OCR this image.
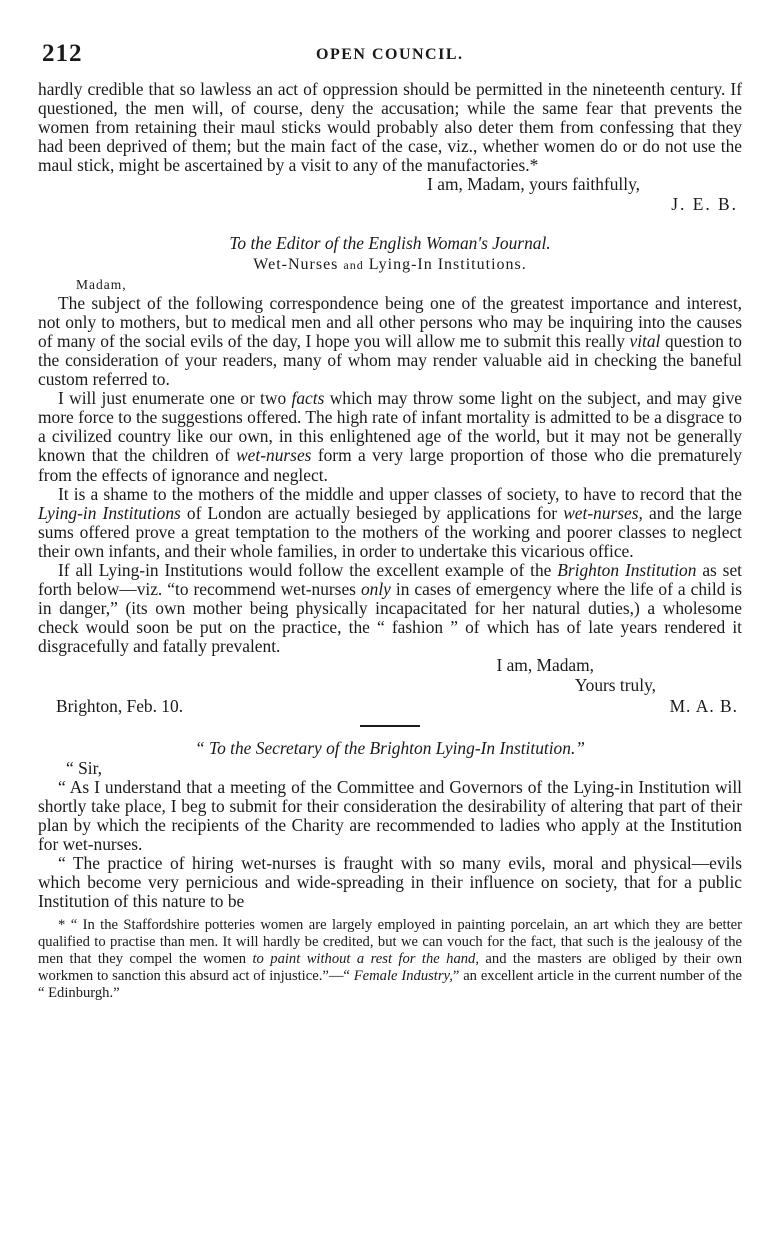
212	OPEN COUNCIL.

hardly credible that so lawless an act of oppression should be permitted in the nineteenth century. If questioned, the men will, of course, deny the accusation; while the same fear that prevents the women from retaining their maul sticks would probably also deter them from confessing that they had been deprived of them; but the main fact of the case, viz., whether women do or do not use the maul stick, might be ascertained by a visit to any of the manufactories.*

I am, Madam, yours faithfully,

J. E. B.

To the Editor of the English Woman's Journal.
Wet-Nurses and Lying-In Institutions.

Madam,

The subject of the following correspondence being one of the greatest importance and interest, not only to mothers, but to medical men and all other persons who may be inquiring into the causes of many of the social evils of the day, I hope you will allow me to submit this really vital question to the consideration of your readers, many of whom may render valuable aid in checking the baneful custom referred to.

I will just enumerate one or two facts which may throw some light on the subject, and may give more force to the suggestions offered. The high rate of infant mortality is admitted to be a disgrace to a civilized country like our own, in this enlightened age of the world, but it may not be generally known that the children of wet-nurses form a very large proportion of those who die prematurely from the effects of ignorance and neglect.

It is a shame to the mothers of the middle and upper classes of society, to have to record that the Lying-in Institutions of London are actually besieged by applications for wet-nurses, and the large sums offered prove a great temptation to the mothers of the working and poorer classes to neglect their own infants, and their whole families, in order to undertake this vicarious office.

If all Lying-in Institutions would follow the excellent example of the Brighton Institution as set forth below—viz. “to recommend wet-nurses only in cases of emergency where the life of a child is in danger,” (its own mother being physically incapacitated for her natural duties,) a wholesome check would soon be put on the practice, the “ fashion ” of which has of late years rendered it disgracefully and fatally prevalent.

I am, Madam,

Yours truly,

Brighton, Feb. 10.	M. A. B.
“ To the Secretary of the Brighton Lying-In Institution.”

“ Sir,

“ As I understand that a meeting of the Committee and Governors of the Lying-in Institution will shortly take place, I beg to submit for their consideration the desirability of altering that part of their plan by which the recipients of the Charity are recommended to ladies who apply at the Institution for wet-nurses.

“ The practice of hiring wet-nurses is fraught with so many evils, moral and physical—evils which become very pernicious and wide-spreading in their influence on society, that for a public Institution of this nature to be

* “ In the Staffordshire potteries women are largely employed in painting porcelain, an art which they are better qualified to practise than men. It will hardly be credited, but we can vouch for the fact, that such is the jealousy of the men that they compel the women to paint without a rest for the hand, and the masters are obliged by their own workmen to sanction this absurd act of injustice.”—“ Female Industry,” an excellent article in the current number of the “ Edinburgh.”
